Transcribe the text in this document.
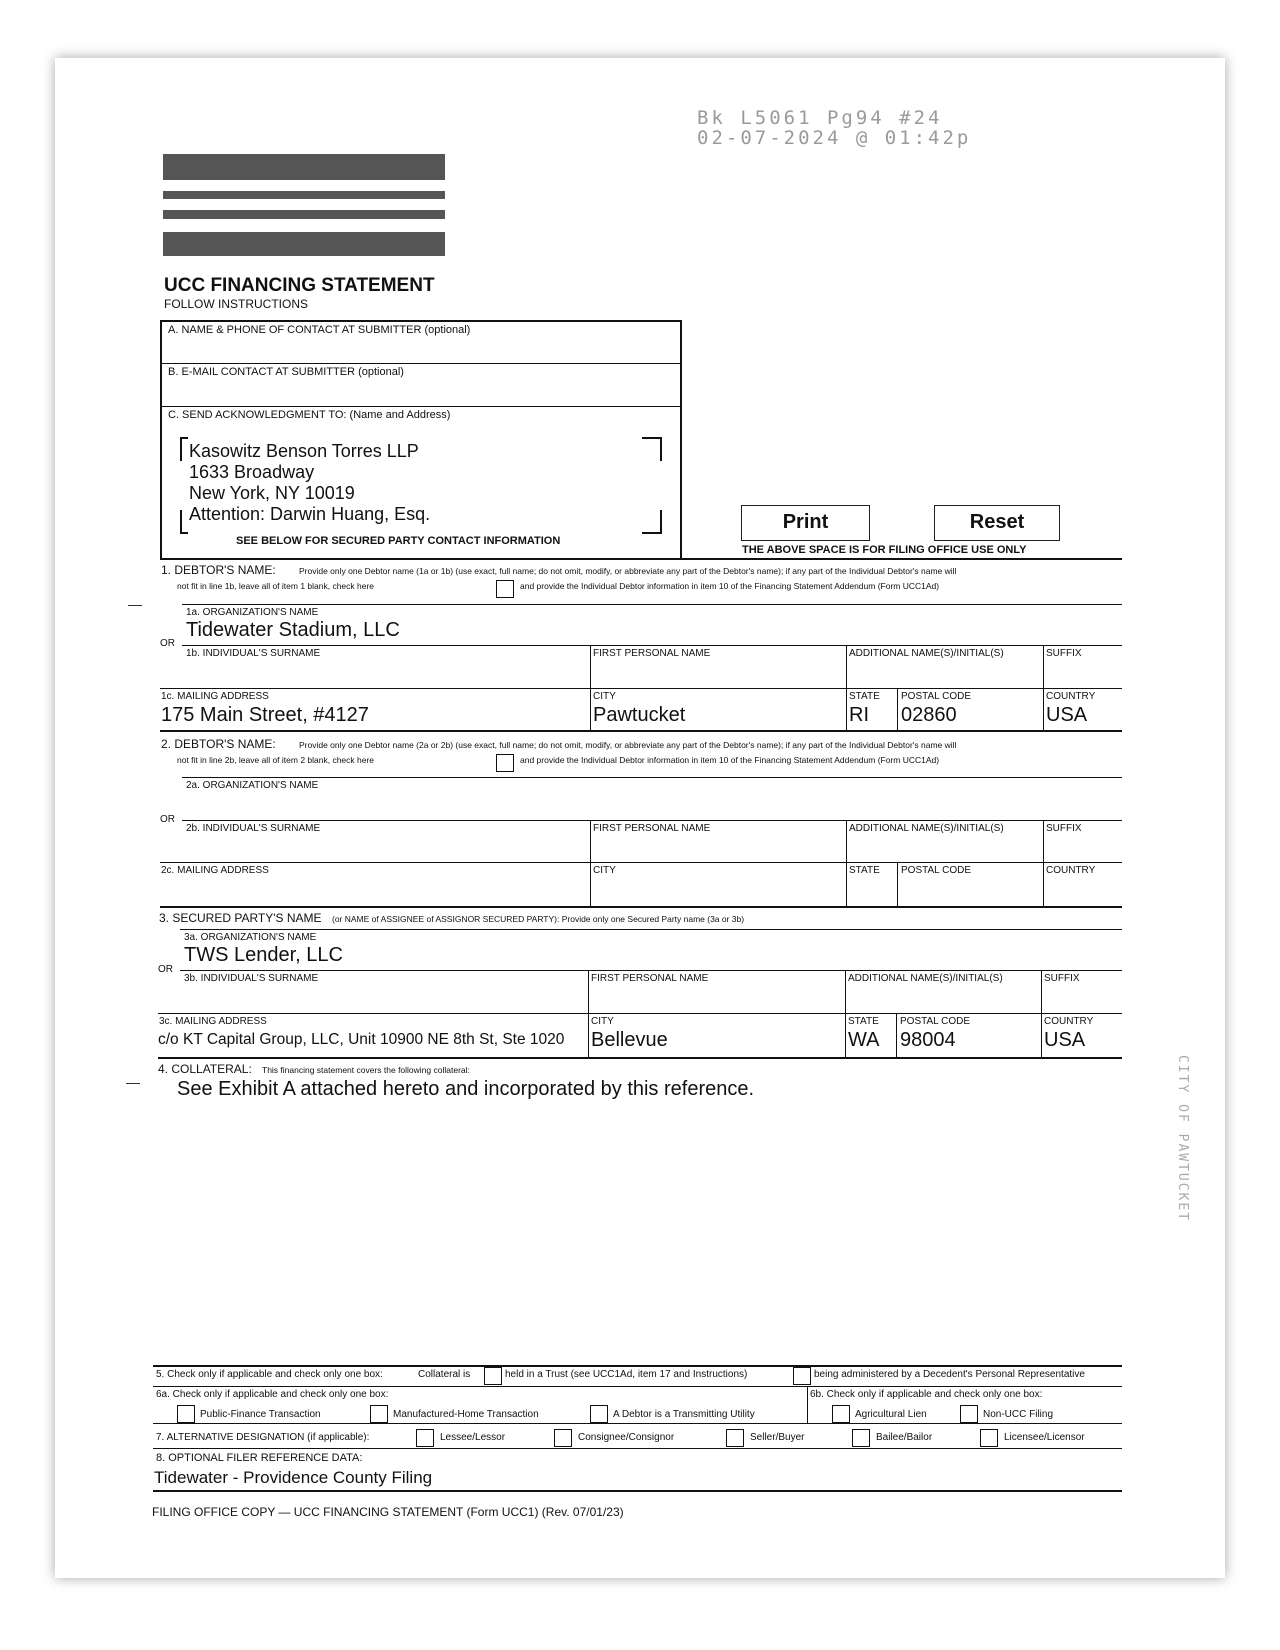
Bk L5061 Pg94 #24
02-07-2024 @ 01:42p
CITY OF PAWTUCKET
UCC FINANCING STATEMENT
FOLLOW INSTRUCTIONS
A. NAME & PHONE OF CONTACT AT SUBMITTER (optional)
B. E-MAIL CONTACT AT SUBMITTER (optional)
C. SEND ACKNOWLEDGMENT TO: (Name and Address)
Kasowitz Benson Torres LLP
1633 Broadway
New York, NY 10019
Attention: Darwin Huang, Esq.
SEE BELOW FOR SECURED PARTY CONTACT INFORMATION
Print	Reset
THE ABOVE SPACE IS FOR FILING OFFICE USE ONLY
1. DEBTOR'S NAME:	Provide only one Debtor name (1a or 1b) (use exact, full name; do not omit, modify, or abbreviate any part of the Debtor's name); if any part of the Individual Debtor's name will
not fit in line 1b, leave all of item 1 blank, check here	and provide the Individual Debtor information in item 10 of the Financing Statement Addendum (Form UCC1Ad)
1a. ORGANIZATION'S NAME
Tidewater Stadium, LLC
OR
1b. INDIVIDUAL'S SURNAME	FIRST PERSONAL NAME	ADDITIONAL NAME(S)/INITIAL(S)	SUFFIX
1c. MAILING ADDRESS
175 Main Street, #4127
CITY
Pawtucket
STATE
RI
POSTAL CODE
02860
COUNTRY
USA
2. DEBTOR'S NAME:	Provide only one Debtor name (2a or 2b) (use exact, full name; do not omit, modify, or abbreviate any part of the Debtor's name); if any part of the Individual Debtor's name will
not fit in line 2b, leave all of item 2 blank, check here	and provide the Individual Debtor information in item 10 of the Financing Statement Addendum (Form UCC1Ad)
2a. ORGANIZATION'S NAME
OR
2b. INDIVIDUAL'S SURNAME	FIRST PERSONAL NAME	ADDITIONAL NAME(S)/INITIAL(S)	SUFFIX
2c. MAILING ADDRESS	CITY	STATE POSTAL CODE	COUNTRY
3. SECURED PARTY'S NAME (or NAME of ASSIGNEE of ASSIGNOR SECURED PARTY): Provide only one Secured Party name (3a or 3b)
3a. ORGANIZATION'S NAME
TWS Lender, LLC
OR
3b. INDIVIDUAL'S SURNAME	FIRST PERSONAL NAME	ADDITIONAL NAME(S)/INITIAL(S)	SUFFIX
3c. MAILING ADDRESS
c/o KT Capital Group, LLC, Unit 10900 NE 8th St, Ste 1020
CITY
Bellevue
STATE
WA
POSTAL CODE
98004
COUNTRY
USA
4. COLLATERAL: This financing statement covers the following collateral:
See Exhibit A attached hereto and incorporated by this reference.
5. Check only if applicable and check only one box:	Collateral is	held in a Trust (see UCC1Ad, item 17 and Instructions)	being administered by a Decedent's Personal Representative
6a. Check only if applicable and check only one box:
Public-Finance Transaction	Manufactured-Home Transaction	A Debtor is a Transmitting Utility
6b. Check only if applicable and check only one box:
Agricultural Lien	Non-UCC Filing
7. ALTERNATIVE DESIGNATION (if applicable):	Lessee/Lessor	Consignee/Consignor	Seller/Buyer	Bailee/Bailor	Licensee/Licensor
8. OPTIONAL FILER REFERENCE DATA:
Tidewater - Providence County Filing
FILING OFFICE COPY — UCC FINANCING STATEMENT (Form UCC1) (Rev. 07/01/23)
